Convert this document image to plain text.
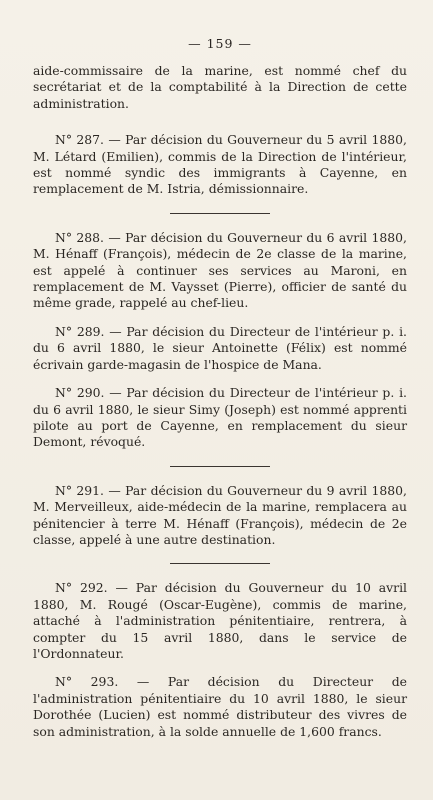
— 159 —

aide-commissaire de la marine, est nommé chef du secrétariat et de la comptabilité à la Direction de cette administration.

N° 287. — Par décision du Gouverneur du 5 avril 1880, M. Létard (Emilien), commis de la Direction de l'intérieur, est nommé syndic des immigrants à Cayenne, en remplacement de M. Istria, démissionnaire.

N° 288. — Par décision du Gouverneur du 6 avril 1880, M. Hénaff (François), médecin de 2e classe de la marine, est appelé à continuer ses services au Maroni, en remplacement de M. Vaysset (Pierre), officier de santé du même grade, rappelé au chef-lieu.

N° 289. — Par décision du Directeur de l'intérieur p. i. du 6 avril 1880, le sieur Antoinette (Félix) est nommé écrivain garde-magasin de l'hospice de Mana.

N° 290. — Par décision du Directeur de l'intérieur p. i. du 6 avril 1880, le sieur Simy (Joseph) est nommé apprenti pilote au port de Cayenne, en remplacement du sieur Demont, révoqué.

N° 291. — Par décision du Gouverneur du 9 avril 1880, M. Merveilleux, aide-médecin de la marine, remplacera au pénitencier à terre M. Hénaff (François), médecin de 2e classe, appelé à une autre destination.

N° 292. — Par décision du Gouverneur du 10 avril 1880, M. Rougé (Oscar-Eugène), commis de marine, attaché à l'administration pénitentiaire, rentrera, à compter du 15 avril 1880, dans le service de l'Ordonnateur.

N° 293. — Par décision du Directeur de l'administration pénitentiaire du 10 avril 1880, le sieur Dorothée (Lucien) est nommé distributeur des vivres de son administration, à la solde annuelle de 1,600 francs.
